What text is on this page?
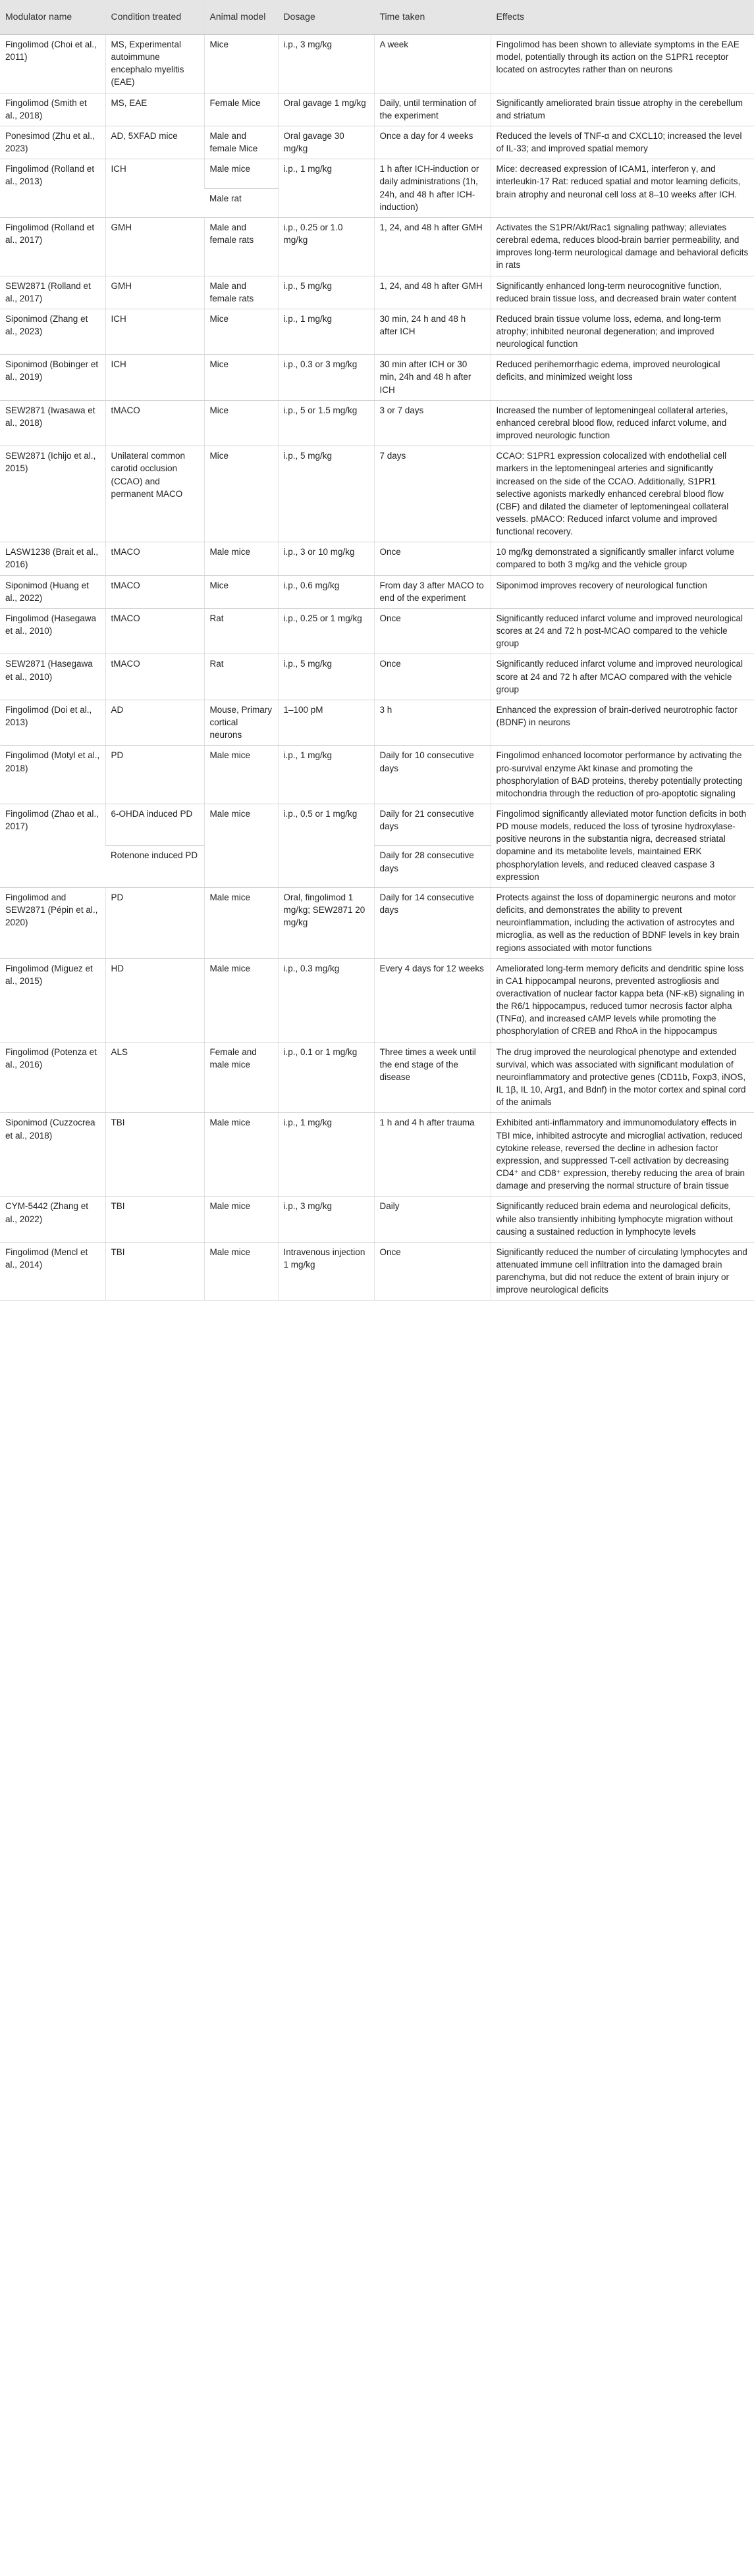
Modulator name	Condition treated	Animal model	Dosage	Time taken	Effects
Fingolimod (Choi et al., 2011)	MS, Experimental autoimmune encephalo myelitis (EAE)	Mice	i.p., 3 mg/kg	A week	Fingolimod has been shown to alleviate symptoms in the EAE model, potentially through its action on the S1PR1 receptor located on astrocytes rather than on neurons
Fingolimod (Smith et al., 2018)	MS, EAE	Female Mice	Oral gavage 1 mg/kg	Daily, until termination of the experiment	Significantly ameliorated brain tissue atrophy in the cerebellum and striatum
Ponesimod (Zhu et al., 2023)	AD, 5XFAD mice	Male and female Mice	Oral gavage 30 mg/kg	Once a day for 4 weeks	Reduced the levels of TNF-α and CXCL10; increased the level of IL-33; and improved spatial memory
Fingolimod (Rolland et al., 2013)	ICH	Male mice	i.p., 1 mg/kg	1 h after ICH-induction or daily administrations (1h, 24h, and 48 h after ICH-induction)	Mice: decreased expression of ICAM1, interferon γ, and interleukin-17 Rat: reduced spatial and motor learning deficits, brain atrophy and neuronal cell loss at 8–10 weeks after ICH.
		Male rat			
Fingolimod (Rolland et al., 2017)	GMH	Male and female rats	i.p., 0.25 or 1.0 mg/kg	1, 24, and 48 h after GMH	Activates the S1PR/Akt/Rac1 signaling pathway; alleviates cerebral edema, reduces blood-brain barrier permeability, and improves long-term neurological damage and behavioral deficits in rats
SEW2871 (Rolland et al., 2017)	GMH	Male and female rats	i.p., 5 mg/kg	1, 24, and 48 h after GMH	Significantly enhanced long-term neurocognitive function, reduced brain tissue loss, and decreased brain water content
Siponimod (Zhang et al., 2023)	ICH	Mice	i.p., 1 mg/kg	30 min, 24 h and 48 h after ICH	Reduced brain tissue volume loss, edema, and long-term atrophy; inhibited neuronal degeneration; and improved neurological function
Siponimod (Bobinger et al., 2019)	ICH	Mice	i.p., 0.3 or 3 mg/kg	30 min after ICH or 30 min, 24h and 48 h after ICH	Reduced perihemorrhagic edema, improved neurological deficits, and minimized weight loss
SEW2871 (Iwasawa et al., 2018)	tMACO	Mice	i.p., 5 or 1.5 mg/kg	3 or 7 days	Increased the number of leptomeningeal collateral arteries, enhanced cerebral blood flow, reduced infarct volume, and improved neurologic function
SEW2871 (Ichijo et al., 2015)	Unilateral common carotid occlusion (CCAO) and permanent MACO	Mice	i.p., 5 mg/kg	7 days	CCAO: S1PR1 expression colocalized with endothelial cell markers in the leptomeningeal arteries and significantly increased on the side of the CCAO. Additionally, S1PR1 selective agonists markedly enhanced cerebral blood flow (CBF) and dilated the diameter of leptomeningeal collateral vessels. pMACO: Reduced infarct volume and improved functional recovery.
LASW1238 (Brait et al., 2016)	tMACO	Male mice	i.p., 3 or 10 mg/kg	Once	10 mg/kg demonstrated a significantly smaller infarct volume compared to both 3 mg/kg and the vehicle group
Siponimod (Huang et al., 2022)	tMACO	Mice	i.p., 0.6 mg/kg	From day 3 after MACO to end of the experiment	Siponimod improves recovery of neurological function
Fingolimod (Hasegawa et al., 2010)	tMACO	Rat	i.p., 0.25 or 1 mg/kg	Once	Significantly reduced infarct volume and improved neurological scores at 24 and 72 h post-MCAO compared to the vehicle group
SEW2871 (Hasegawa et al., 2010)	tMACO	Rat	i.p., 5 mg/kg	Once	Significantly reduced infarct volume and improved neurological score at 24 and 72 h after MCAO compared with the vehicle group
Fingolimod (Doi et al., 2013)	AD	Mouse, Primary cortical neurons	1–100 pM	3 h	Enhanced the expression of brain-derived neurotrophic factor (BDNF) in neurons
Fingolimod (Motyl et al., 2018)	PD	Male mice	i.p., 1 mg/kg	Daily for 10 consecutive days	Fingolimod enhanced locomotor performance by activating the pro-survival enzyme Akt kinase and promoting the phosphorylation of BAD proteins, thereby potentially protecting mitochondria through the reduction of pro-apoptotic signaling
Fingolimod (Zhao et al., 2017)	6-OHDA induced PD	Male mice	i.p., 0.5 or 1 mg/kg	Daily for 21 consecutive days	Fingolimod significantly alleviated motor function deficits in both PD mouse models, reduced the loss of tyrosine hydroxylase-positive neurons in the substantia nigra, decreased striatal dopamine and its metabolite levels, maintained ERK phosphorylation levels, and reduced cleaved caspase 3 expression
	Rotenone induced PD			Daily for 28 consecutive days	
Fingolimod and SEW2871 (Pépin et al., 2020)	PD	Male mice	Oral, fingolimod 1 mg/kg; SEW2871 20 mg/kg	Daily for 14 consecutive days	Protects against the loss of dopaminergic neurons and motor deficits, and demonstrates the ability to prevent neuroinflammation, including the activation of astrocytes and microglia, as well as the reduction of BDNF levels in key brain regions associated with motor functions
Fingolimod (Miguez et al., 2015)	HD	Male mice	i.p., 0.3 mg/kg	Every 4 days for 12 weeks	Ameliorated long-term memory deficits and dendritic spine loss in CA1 hippocampal neurons, prevented astrogliosis and overactivation of nuclear factor kappa beta (NF-κB) signaling in the R6/1 hippocampus, reduced tumor necrosis factor alpha (TNFα), and increased cAMP levels while promoting the phosphorylation of CREB and RhoA in the hippocampus
Fingolimod (Potenza et al., 2016)	ALS	Female and male mice	i.p., 0.1 or 1 mg/kg	Three times a week until the end stage of the disease	The drug improved the neurological phenotype and extended survival, which was associated with significant modulation of neuroinflammatory and protective genes (CD11b, Foxp3, iNOS, IL 1β, IL 10, Arg1, and Bdnf) in the motor cortex and spinal cord of the animals
Siponimod (Cuzzocrea et al., 2018)	TBI	Male mice	i.p., 1 mg/kg	1 h and 4 h after trauma	Exhibited anti-inflammatory and immunomodulatory effects in TBI mice, inhibited astrocyte and microglial activation, reduced cytokine release, reversed the decline in adhesion factor expression, and suppressed T-cell activation by decreasing CD4⁺ and CD8⁺ expression, thereby reducing the area of brain damage and preserving the normal structure of brain tissue
CYM-5442 (Zhang et al., 2022)	TBI	Male mice	i.p., 3 mg/kg	Daily	Significantly reduced brain edema and neurological deficits, while also transiently inhibiting lymphocyte migration without causing a sustained reduction in lymphocyte levels
Fingolimod (Mencl et al., 2014)	TBI	Male mice	Intravenous injection 1 mg/kg	Once	Significantly reduced the number of circulating lymphocytes and attenuated immune cell infiltration into the damaged brain parenchyma, but did not reduce the extent of brain injury or improve neurological deficits
